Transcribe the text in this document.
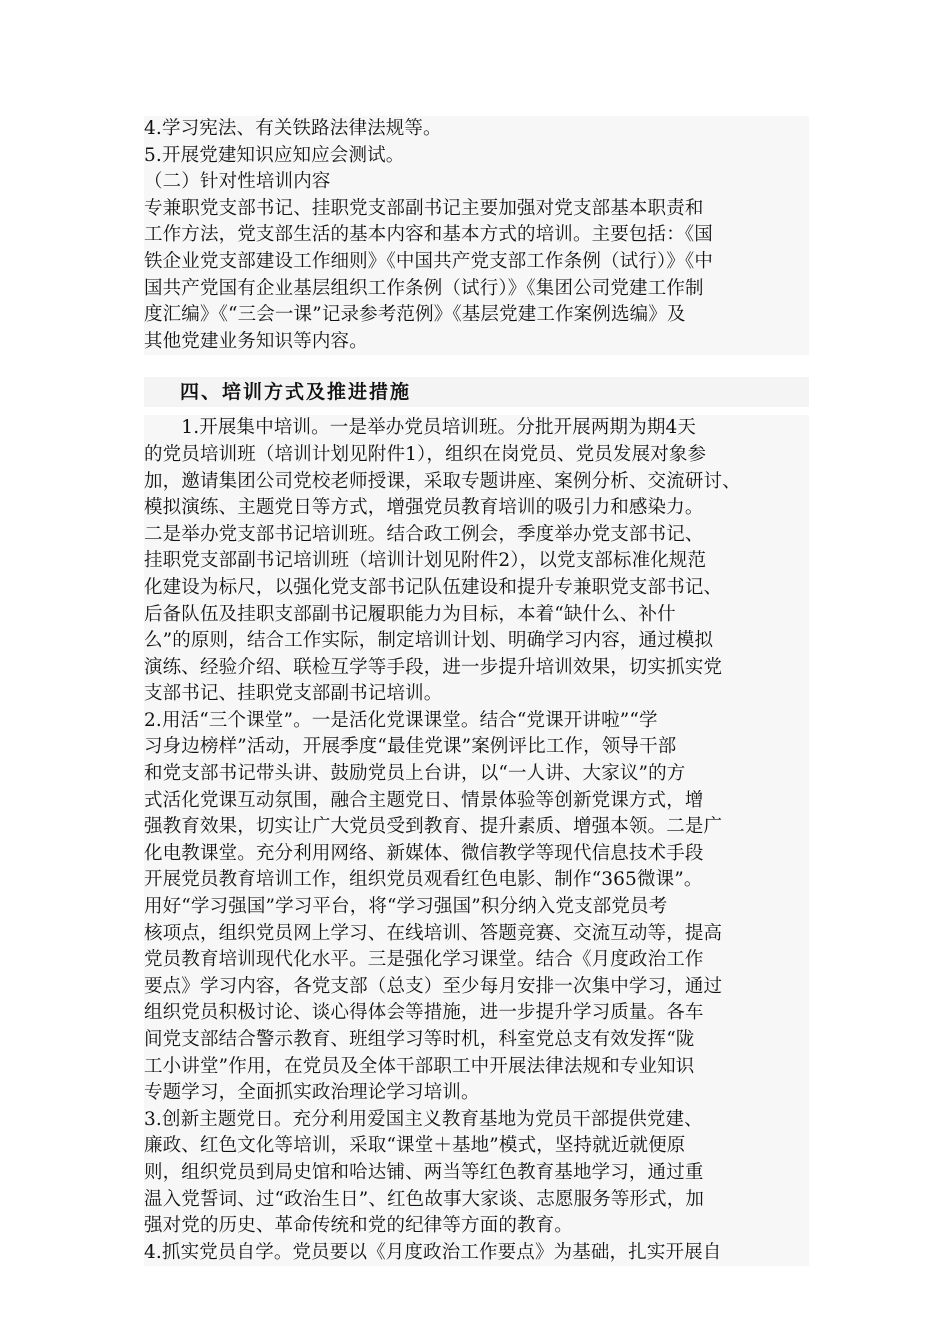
4.学习宪法、有关铁路法律法规等。
5.开展党建知识应知应会测试。
（二）针对性培训内容
专兼职党支部书记、挂职党支部副书记主要加强对党支部基本职责和
工作方法，党支部生活的基本内容和基本方式的培训。主要包括：《国
铁企业党支部建设工作细则》《中国共产党支部工作条例（试行）》《中
国共产党国有企业基层组织工作条例（试行）》《集团公司党建工作制
度汇编》《“三会一课”记录参考范例》《基层党建工作案例选编》及
其他党建业务知识等内容。
四、培训方式及推进措施
　　1.开展集中培训。一是举办党员培训班。分批开展两期为期4天
的党员培训班（培训计划见附件1），组织在岗党员、党员发展对象参
加，邀请集团公司党校老师授课，采取专题讲座、案例分析、交流研讨、
模拟演练、主题党日等方式，增强党员教育培训的吸引力和感染力。
二是举办党支部书记培训班。结合政工例会，季度举办党支部书记、
挂职党支部副书记培训班（培训计划见附件2），以党支部标准化规范
化建设为标尺，以强化党支部书记队伍建设和提升专兼职党支部书记、
后备队伍及挂职支部副书记履职能力为目标，本着“缺什么、补什
么”的原则，结合工作实际，制定培训计划、明确学习内容，通过模拟
演练、经验介绍、联检互学等手段，进一步提升培训效果，切实抓实党
支部书记、挂职党支部副书记培训。
2.用活“三个课堂”。一是活化党课课堂。结合“党课开讲啦”“学
习身边榜样”活动，开展季度“最佳党课”案例评比工作，领导干部
和党支部书记带头讲、鼓励党员上台讲，以“一人讲、大家议”的方
式活化党课互动氛围，融合主题党日、情景体验等创新党课方式，增
强教育效果，切实让广大党员受到教育、提升素质、增强本领。二是广
化电教课堂。充分利用网络、新媒体、微信教学等现代信息技术手段
开展党员教育培训工作，组织党员观看红色电影、制作“365微课”。
用好“学习强国”学习平台，将“学习强国”积分纳入党支部党员考
核项点，组织党员网上学习、在线培训、答题竞赛、交流互动等，提高
党员教育培训现代化水平。三是强化学习课堂。结合《月度政治工作
要点》学习内容，各党支部（总支）至少每月安排一次集中学习，通过
组织党员积极讨论、谈心得体会等措施，进一步提升学习质量。各车
间党支部结合警示教育、班组学习等时机，科室党总支有效发挥“陇
工小讲堂”作用，在党员及全体干部职工中开展法律法规和专业知识
专题学习，全面抓实政治理论学习培训。
3.创新主题党日。充分利用爱国主义教育基地为党员干部提供党建、
廉政、红色文化等培训，采取“课堂＋基地”模式，坚持就近就便原
则，组织党员到局史馆和哈达铺、两当等红色教育基地学习，通过重
温入党誓词、过“政治生日”、红色故事大家谈、志愿服务等形式，加
强对党的历史、革命传统和党的纪律等方面的教育。
4.抓实党员自学。党员要以《月度政治工作要点》为基础，扎实开展自
